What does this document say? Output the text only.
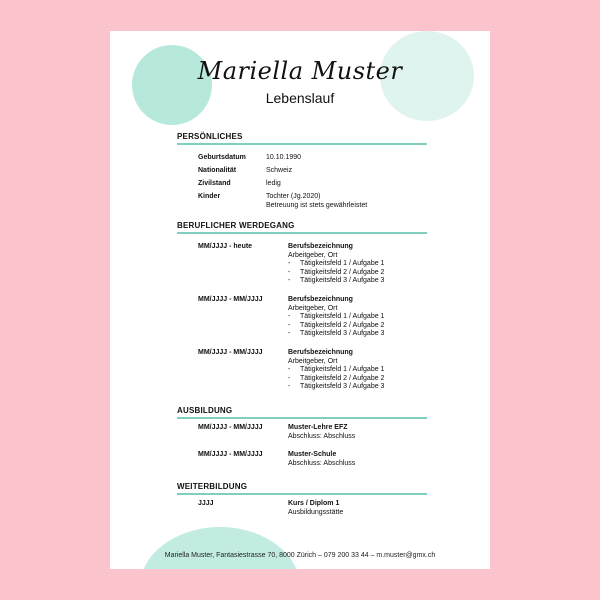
Mariella Muster
Lebenslauf
PERSÖNLICHES
Geburtsdatum	10.10.1990
Nationalität	Schweiz
Zivilstand	ledig
Kinder	Tochter (Jg.2020)
Betreuung ist stets gewährleistet
BERUFLICHER WERDEGANG
MM/JJJJ - heute	Berufsbezeichnung
Arbeitgeber, Ort
- Tätigkeitsfeld 1 / Aufgabe 1
- Tätigkeitsfeld 2 / Aufgabe 2
- Tätigkeitsfeld 3 / Aufgabe 3
MM/JJJJ - MM/JJJJ	Berufsbezeichnung
Arbeitgeber, Ort
- Tätigkeitsfeld 1 / Aufgabe 1
- Tätigkeitsfeld 2 / Aufgabe 2
- Tätigkeitsfeld 3 / Aufgabe 3
MM/JJJJ - MM/JJJJ	Berufsbezeichnung
Arbeitgeber, Ort
- Tätigkeitsfeld 1 / Aufgabe 1
- Tätigkeitsfeld 2 / Aufgabe 2
- Tätigkeitsfeld 3 / Aufgabe 3
AUSBILDUNG
MM/JJJJ - MM/JJJJ	Muster-Lehre EFZ
Abschluss: Abschluss
MM/JJJJ - MM/JJJJ	Muster-Schule
Abschluss: Abschluss
WEITERBILDUNG
JJJJ	Kurs / Diplom 1
Ausbildungsstätte
Mariella Muster, Fantasiestrasse 70, 8000 Zürich – 079 200 33 44 – m.muster@gmx.ch
